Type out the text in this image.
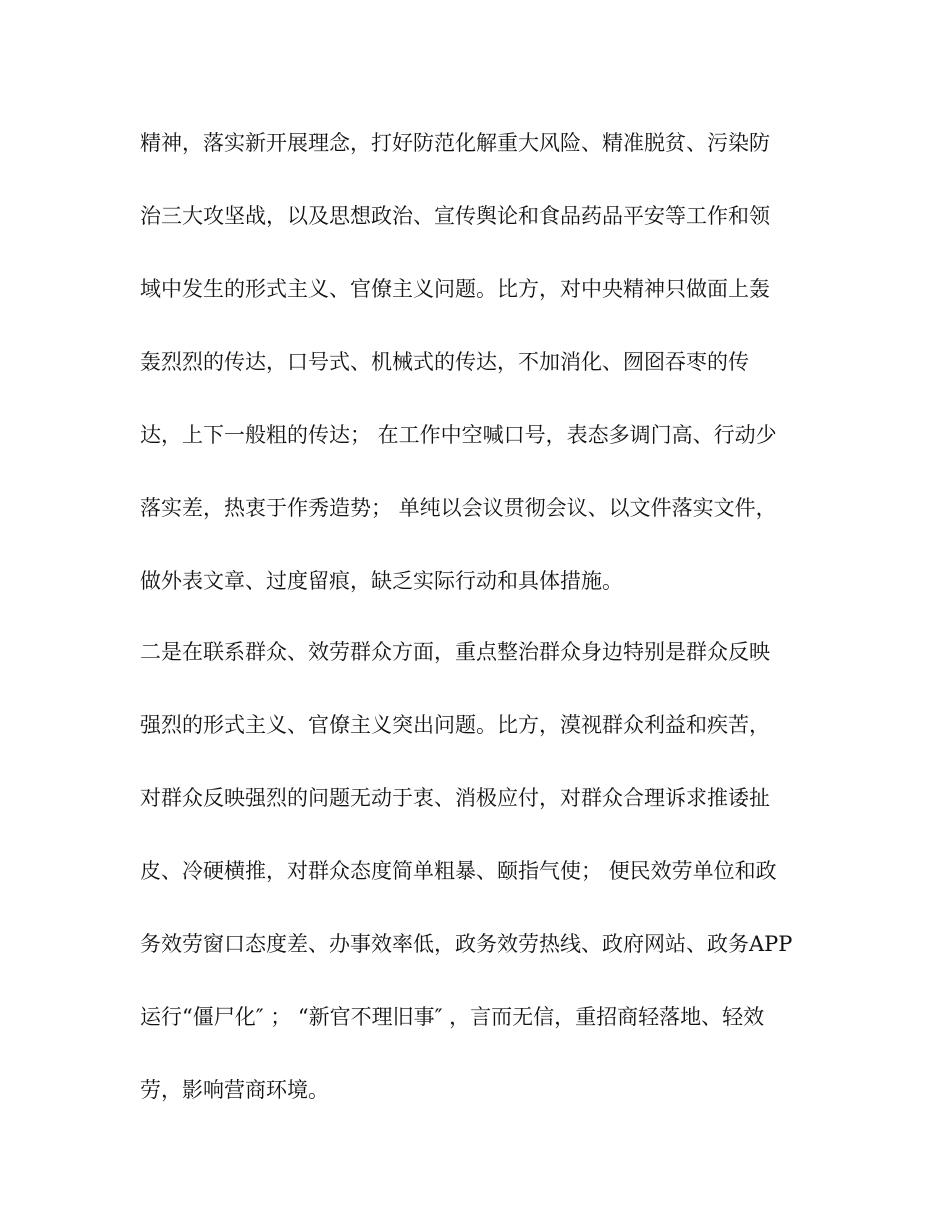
精神，落实新开展理念，打好防范化解重大风险、精准脱贫、污染防

治三大攻坚战，以及思想政治、宣传舆论和食品药品平安等工作和领

域中发生的形式主义、官僚主义问题。比方，对中央精神只做面上轰

轰烈烈的传达，口号式、机械式的传达，不加消化、囫囵吞枣的传

达，上下一般粗的传达； 在工作中空喊口号，表态多调门高、行动少

落实差，热衷于作秀造势； 单纯以会议贯彻会议、以文件落实文件，

做外表文章、过度留痕，缺乏实际行动和具体措施。

二是在联系群众、效劳群众方面，重点整治群众身边特别是群众反映

强烈的形式主义、官僚主义突出问题。比方，漠视群众利益和疾苦，

对群众反映强烈的问题无动于衷、消极应付，对群众合理诉求推诿扯

皮、冷硬横推，对群众态度简单粗暴、颐指气使； 便民效劳单位和政

务效劳窗口态度差、办事效率低，政务效劳热线、政府网站、政务APP

运行“僵尸化″ ； “新官不理旧事″ ，言而无信，重招商轻落地、轻效

劳，影响营商环境。
